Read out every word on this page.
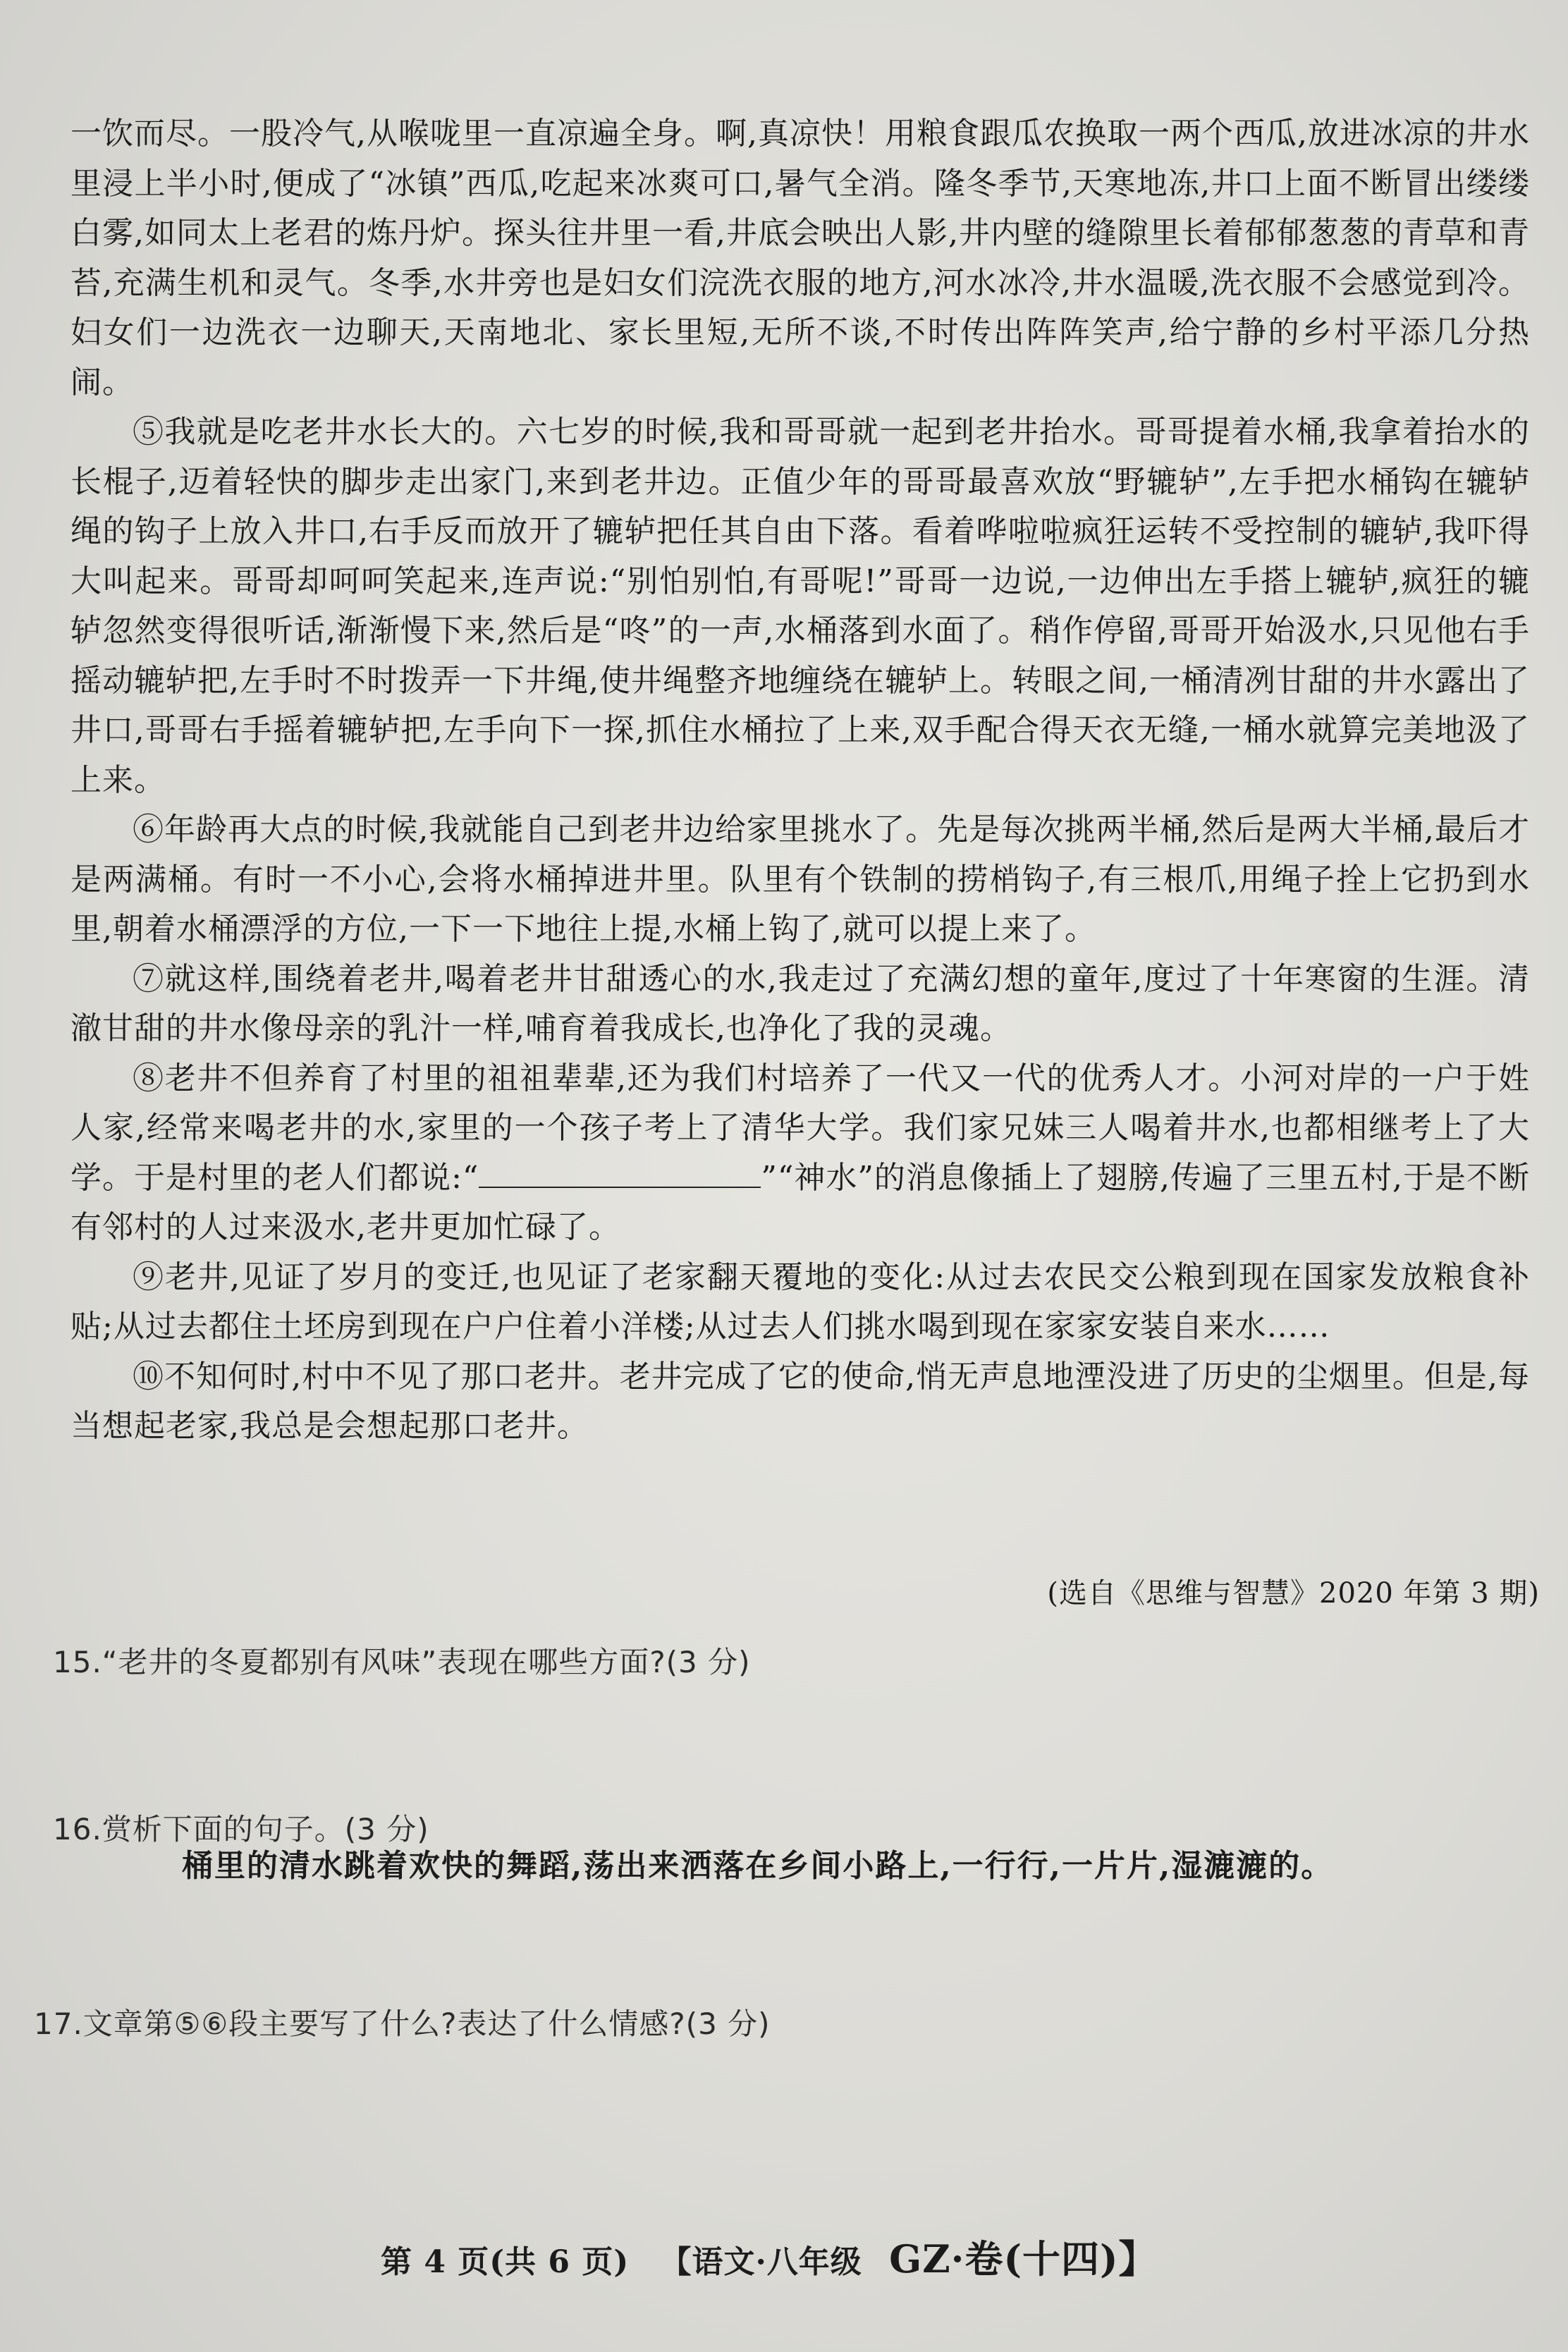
一饮而尽。一股冷气,从喉咙里一直凉遍全身。啊,真凉快！用粮食跟瓜农换取一两个西瓜,放进冰凉的井水里浸上半小时,便成了“冰镇”西瓜,吃起来冰爽可口,暑气全消。隆冬季节,天寒地冻,井口上面不断冒出缕缕白雾,如同太上老君的炼丹炉。探头往井里一看,井底会映出人影,井内壁的缝隙里长着郁郁葱葱的青草和青苔,充满生机和灵气。冬季,水井旁也是妇女们浣洗衣服的地方,河水冰冷,井水温暖,洗衣服不会感觉到冷。妇女们一边洗衣一边聊天,天南地北、家长里短,无所不谈,不时传出阵阵笑声,给宁静的乡村平添几分热闹。

⑤我就是吃老井水长大的。六七岁的时候,我和哥哥就一起到老井抬水。哥哥提着水桶,我拿着抬水的长棍子,迈着轻快的脚步走出家门,来到老井边。正值少年的哥哥最喜欢放“野辘轳”,左手把水桶钩在辘轳绳的钩子上放入井口,右手反而放开了辘轳把任其自由下落。看着哗啦啦疯狂运转不受控制的辘轳,我吓得大叫起来。哥哥却呵呵笑起来,连声说:“别怕别怕,有哥呢!”哥哥一边说,一边伸出左手搭上辘轳,疯狂的辘轳忽然变得很听话,渐渐慢下来,然后是“咚”的一声,水桶落到水面了。稍作停留,哥哥开始汲水,只见他右手摇动辘轳把,左手时不时拨弄一下井绳,使井绳整齐地缠绕在辘轳上。转眼之间,一桶清冽甘甜的井水露出了井口,哥哥右手摇着辘轳把,左手向下一探,抓住水桶拉了上来,双手配合得天衣无缝,一桶水就算完美地汲了上来。

⑥年龄再大点的时候,我就能自己到老井边给家里挑水了。先是每次挑两半桶,然后是两大半桶,最后才是两满桶。有时一不小心,会将水桶掉进井里。队里有个铁制的捞梢钩子,有三根爪,用绳子拴上它扔到水里,朝着水桶漂浮的方位,一下一下地往上提,水桶上钩了,就可以提上来了。

⑦就这样,围绕着老井,喝着老井甘甜透心的水,我走过了充满幻想的童年,度过了十年寒窗的生涯。清澈甘甜的井水像母亲的乳汁一样,哺育着我成长,也净化了我的灵魂。

⑧老井不但养育了村里的祖祖辈辈,还为我们村培养了一代又一代的优秀人才。小河对岸的一户于姓人家,经常来喝老井的水,家里的一个孩子考上了清华大学。我们家兄妹三人喝着井水,也都相继考上了大学。于是村里的老人们都说:“	”“神水”的消息像插上了翅膀,传遍了三里五村,于是不断有邻村的人过来汲水,老井更加忙碌了。

⑨老井,见证了岁月的变迁,也见证了老家翻天覆地的变化:从过去农民交公粮到现在国家发放粮食补贴;从过去都住土坯房到现在户户住着小洋楼;从过去人们挑水喝到现在家家安装自来水……

⑩不知何时,村中不见了那口老井。老井完成了它的使命,悄无声息地湮没进了历史的尘烟里。但是,每当想起老家,我总是会想起那口老井。

(选自《思维与智慧》2020 年第 3 期)
15.“老井的冬夏都别有风味”表现在哪些方面?(3 分)
16.赏析下面的句子。(3 分)
桶里的清水跳着欢快的舞蹈,荡出来洒落在乡间小路上,一行行,一片片,湿漉漉的。
17.文章第⑤⑥段主要写了什么?表达了什么情感?(3 分)
第 4 页(共 6 页) 【语文·八年级 GZ·卷(十四)】
